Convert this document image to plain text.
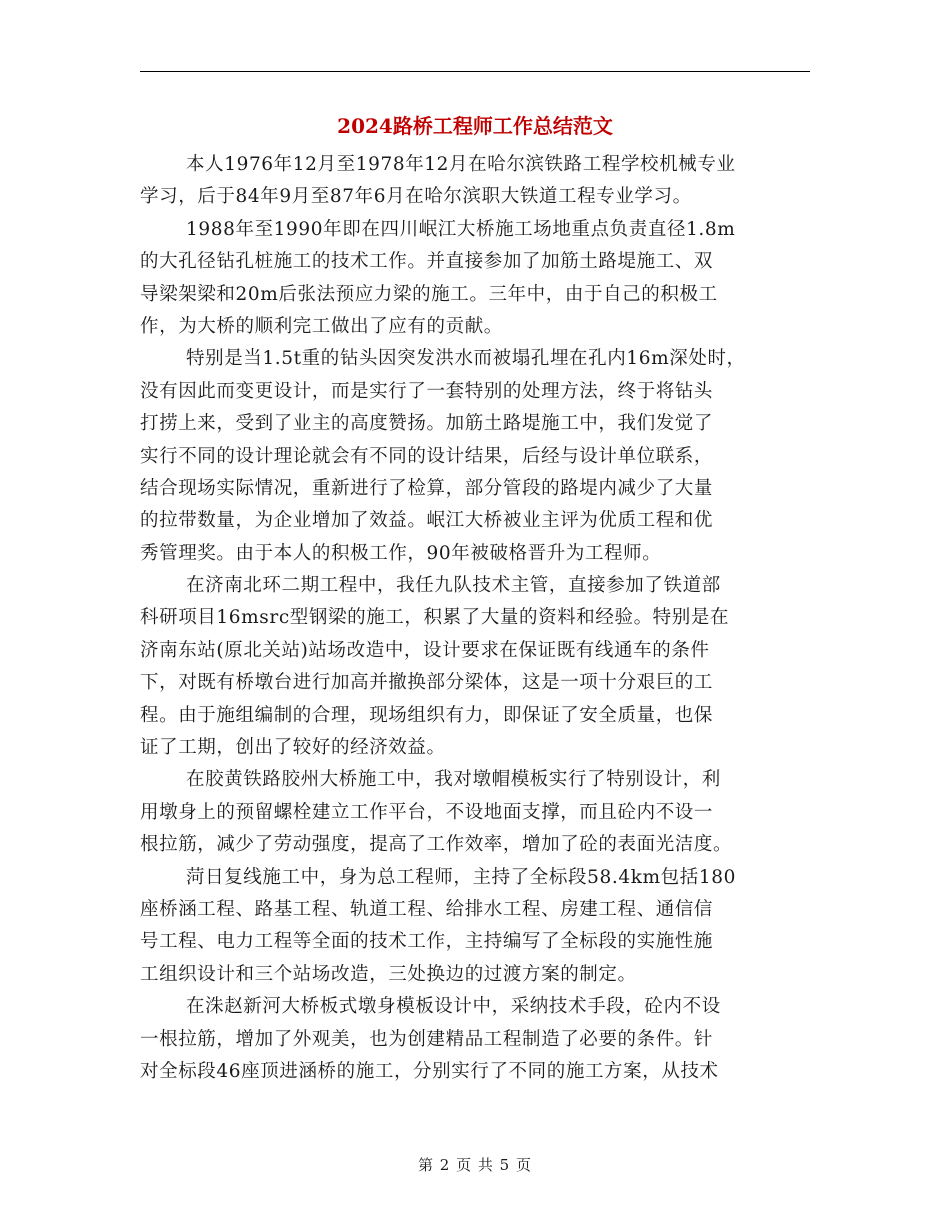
2024路桥工程师工作总结范文
本人1976年12月至1978年12月在哈尔滨铁路工程学校机械专业
学习，后于84年9月至87年6月在哈尔滨职大铁道工程专业学习。
1988年至1990年即在四川岷江大桥施工场地重点负责直径1.8m
的大孔径钻孔桩施工的技术工作。并直接参加了加筋土路堤施工、双
导梁架梁和20m后张法预应力梁的施工。三年中，由于自己的积极工
作，为大桥的顺利完工做出了应有的贡献。
特别是当1.5t重的钻头因突发洪水而被塌孔埋在孔内16m深处时，
没有因此而变更设计，而是实行了一套特别的处理方法，终于将钻头
打捞上来，受到了业主的高度赞扬。加筋土路堤施工中，我们发觉了
实行不同的设计理论就会有不同的设计结果，后经与设计单位联系，
结合现场实际情况，重新进行了检算，部分管段的路堤内减少了大量
的拉带数量，为企业增加了效益。岷江大桥被业主评为优质工程和优
秀管理奖。由于本人的积极工作，90年被破格晋升为工程师。
在济南北环二期工程中，我任九队技术主管，直接参加了铁道部
科研项目16msrc型钢梁的施工，积累了大量的资料和经验。特别是在
济南东站(原北关站)站场改造中，设计要求在保证既有线通车的条件
下，对既有桥墩台进行加高并撤换部分梁体，这是一项十分艰巨的工
程。由于施组编制的合理，现场组织有力，即保证了安全质量，也保
证了工期，创出了较好的经济效益。
在胶黄铁路胶州大桥施工中，我对墩帽模板实行了特别设计，利
用墩身上的预留螺栓建立工作平台，不设地面支撑，而且砼内不设一
根拉筋，减少了劳动强度，提高了工作效率，增加了砼的表面光洁度。
菏日复线施工中，身为总工程师，主持了全标段58.4km包括180
座桥涵工程、路基工程、轨道工程、给排水工程、房建工程、通信信
号工程、电力工程等全面的技术工作，主持编写了全标段的实施性施
工组织设计和三个站场改造，三处换边的过渡方案的制定。
在洙赵新河大桥板式墩身模板设计中，采纳技术手段，砼内不设
一根拉筋，增加了外观美，也为创建精品工程制造了必要的条件。针
对全标段46座顶进涵桥的施工，分别实行了不同的施工方案，从技术
第 2 页 共 5 页
